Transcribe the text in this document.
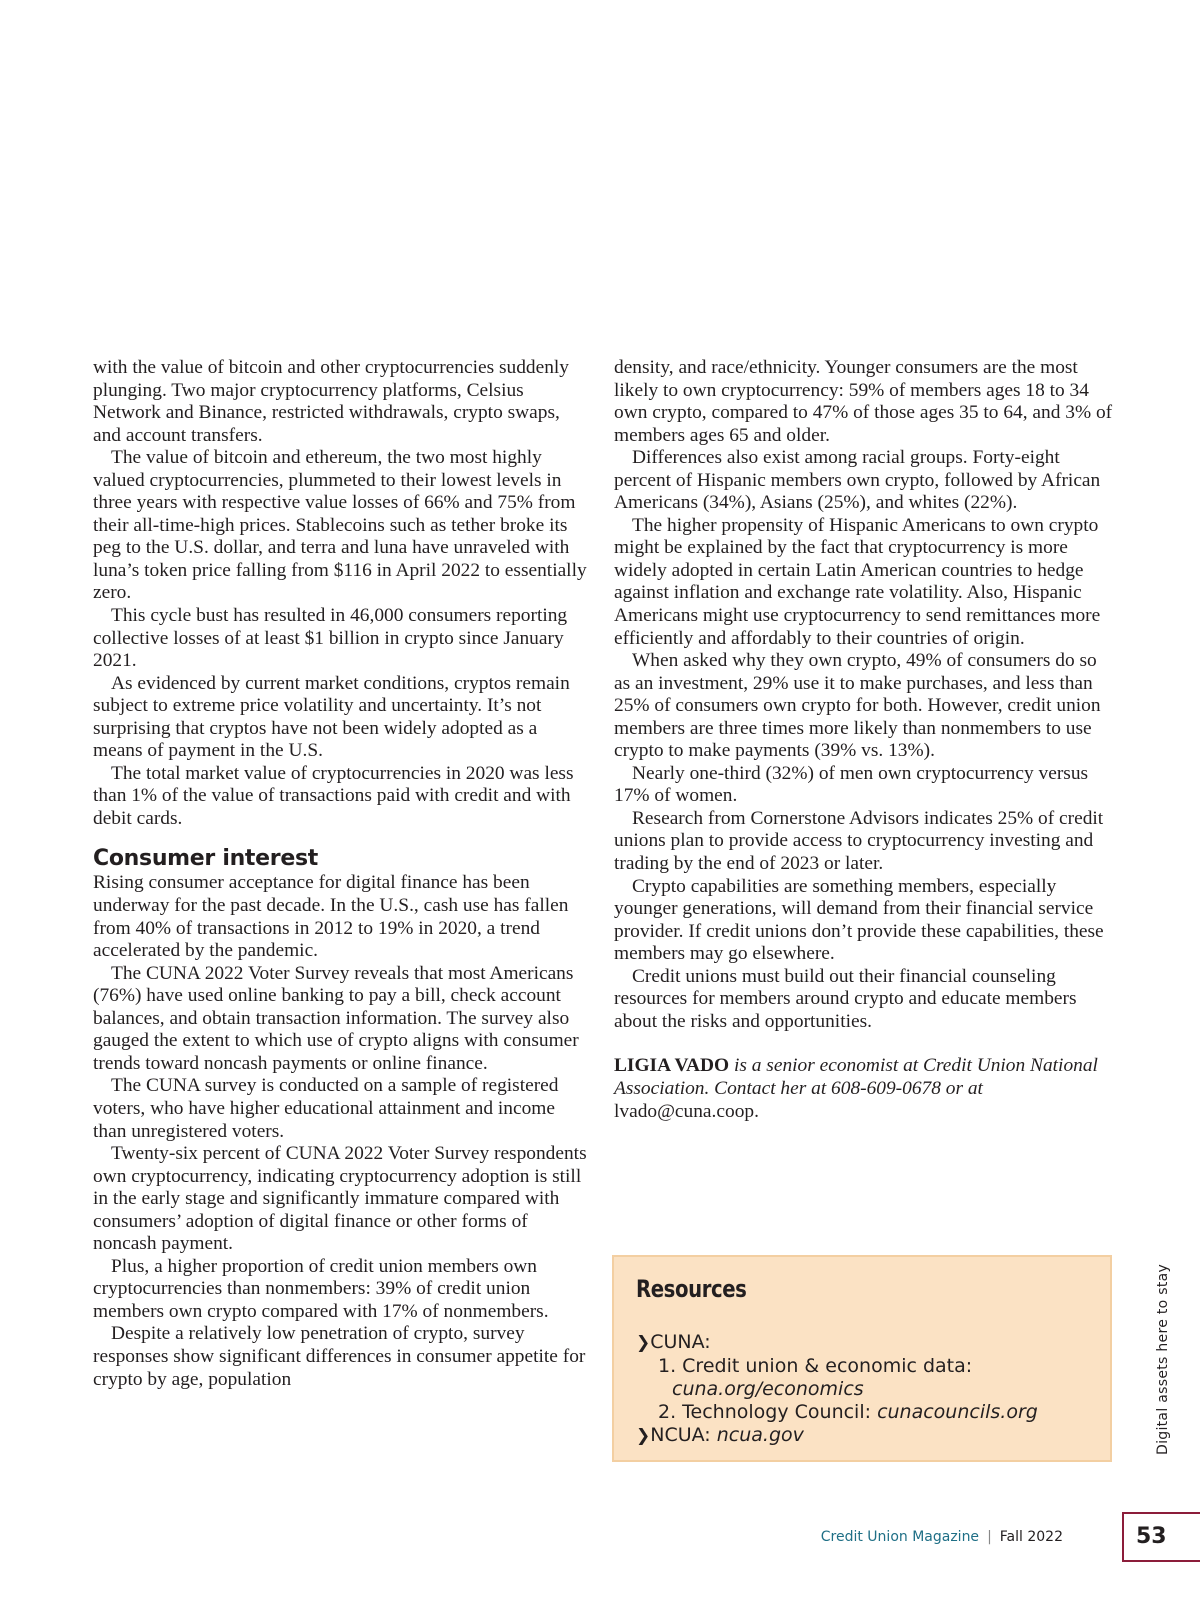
with the value of bitcoin and other cryptocurrencies suddenly plunging. Two major cryptocurrency platforms, Celsius Network and Binance, restricted withdrawals, crypto swaps, and account transfers.

The value of bitcoin and ethereum, the two most highly valued cryptocurrencies, plummeted to their lowest levels in three years with respective value losses of 66% and 75% from their all-time-high prices. Stablecoins such as tether broke its peg to the U.S. dollar, and terra and luna have unraveled with luna’s token price falling from $116 in April 2022 to essentially zero.

This cycle bust has resulted in 46,000 consumers reporting collective losses of at least $1 billion in crypto since January 2021.

As evidenced by current market conditions, cryptos remain subject to extreme price volatility and uncertainty. It’s not surprising that cryptos have not been widely adopted as a means of payment in the U.S.

The total market value of cryptocurrencies in 2020 was less than 1% of the value of transactions paid with credit and with debit cards.

Consumer interest

Rising consumer acceptance for digital finance has been underway for the past decade. In the U.S., cash use has fallen from 40% of transactions in 2012 to 19% in 2020, a trend accelerated by the pandemic.

The CUNA 2022 Voter Survey reveals that most Americans (76%) have used online banking to pay a bill, check account balances, and obtain transaction information. The survey also gauged the extent to which use of crypto aligns with consumer trends toward noncash payments or online finance.

The CUNA survey is conducted on a sample of registered voters, who have higher educational attainment and income than unregistered voters.

Twenty-six percent of CUNA 2022 Voter Survey respondents own cryptocurrency, indicating cryptocurrency adoption is still in the early stage and significantly immature compared with consumers’ adoption of digital finance or other forms of noncash payment.

Plus, a higher proportion of credit union members own cryptocurrencies than nonmembers: 39% of credit union members own crypto compared with 17% of nonmembers.

Despite a relatively low penetration of crypto, survey responses show significant differences in consumer appetite for crypto by age, population

density, and race/ethnicity. Younger consumers are the most likely to own cryptocurrency: 59% of members ages 18 to 34 own crypto, compared to 47% of those ages 35 to 64, and 3% of members ages 65 and older.

Differences also exist among racial groups. Forty-eight percent of Hispanic members own crypto, followed by African Americans (34%), Asians (25%), and whites (22%).

The higher propensity of Hispanic Americans to own crypto might be explained by the fact that cryptocurrency is more widely adopted in certain Latin American countries to hedge against inflation and exchange rate volatility. Also, Hispanic Americans might use cryptocurrency to send remittances more efficiently and affordably to their countries of origin.

When asked why they own crypto, 49% of consumers do so as an investment, 29% use it to make purchases, and less than 25% of consumers own crypto for both. However, credit union members are three times more likely than nonmembers to use crypto to make payments (39% vs. 13%).

Nearly one-third (32%) of men own cryptocurrency versus 17% of women.

Research from Cornerstone Advisors indicates 25% of credit unions plan to provide access to cryptocurrency investing and trading by the end of 2023 or later.

Crypto capabilities are something members, especially younger generations, will demand from their financial service provider. If credit unions don’t provide these capabilities, these members may go elsewhere.

Credit unions must build out their financial counseling resources for members around crypto and educate members about the risks and opportunities.

LIGIA VADO is a senior economist at Credit Union National Association. Contact her at 608-609-0678 or at lvado@cuna.coop.

Resources
❯CUNA:
1. Credit union & economic data:
cuna.org/economics
2. Technology Council: cunacouncils.org
❯NCUA: ncua.gov	Digital assets here to stay
Credit Union Magazine | Fall 2022	53
